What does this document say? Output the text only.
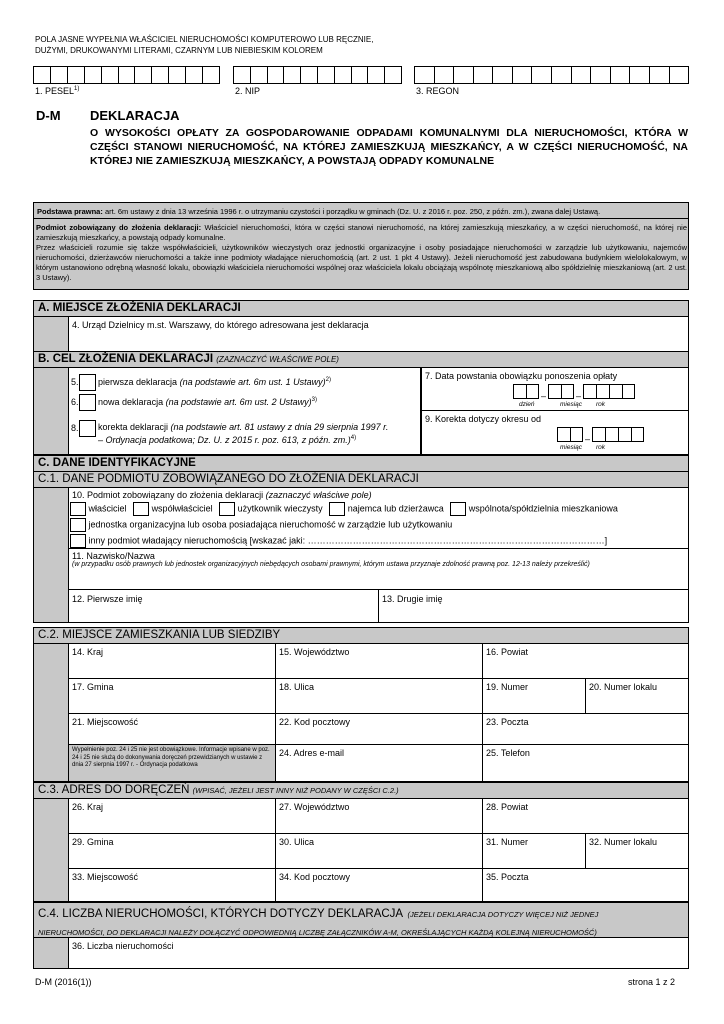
POLA JASNE WYPEŁNIA WŁAŚCICIEL NIERUCHOMOŚCI KOMPUTEROWO LUB RĘCZNIE,
DUŻYMI, DRUKOWANYMI LITERAMI, CZARNYM LUB NIEBIESKIM KOLOREM
1. PESEL$^{1)}$	2. NIP	3. REGON
D-M DEKLARACJA
O WYSOKOŚCI OPŁATY ZA GOSPODAROWANIE ODPADAMI KOMUNALNYMI DLA NIERUCHOMOŚCI, KTÓRA W CZĘŚCI STANOWI NIERUCHOMOŚĆ, NA KTÓREJ ZAMIESZKUJĄ MIESZKAŃCY, A W CZĘŚCI NIERUCHOMOŚĆ, NA KTÓREJ NIE ZAMIESZKUJĄ MIESZKAŃCY, A POWSTAJĄ ODPADY KOMUNALNE
Podstawa prawna: art. 6m ustawy z dnia 13 września 1996 r. o utrzymaniu czystości i porządku w gminach (Dz. U. z 2016 r. poz. 250, z późn. zm.), zwana dalej Ustawą.
Podmiot zobowiązany do złożenia deklaracji: Właściciel nieruchomości, która w części stanowi nieruchomość, na której zamieszkują mieszkańcy, a w części nieruchomość, na której nie zamieszkują mieszkańcy, a powstają odpady komunalne.
Przez właścicieli rozumie się także współwłaścicieli, użytkowników wieczystych oraz jednostki organizacyjne i osoby posiadające nieruchomości w zarządzie lub użytkowaniu, najemców nieruchomości, dzierżawców nieruchomości a także inne podmioty władające nieruchomością (art. 2 ust. 1 pkt 4 Ustawy). Jeżeli nieruchomość jest zabudowana budynkiem wielolokalowym, w którym ustanowiono odrębną własność lokalu, obowiązki właściciela nieruchomości wspólnej oraz właściciela lokalu obciążają wspólnotę mieszkaniową albo spółdzielnię mieszkaniową (art. 2 ust. 3 Ustawy).
A. MIEJSCE ZŁOŻENIA DEKLARACJI
4. Urząd Dzielnicy m.st. Warszawy, do którego adresowana jest deklaracja
B. CEL ZŁOŻENIA DEKLARACJI (ZAZNACZYĆ WŁAŚCIWE POLE)
5. pierwsza deklaracja (na podstawie art. 6m ust. 1 Ustawy)$^{2)}$
6. nowa deklaracja (na podstawie art. 6m ust. 2 Ustawy)$^{3)}$
8.	korekta deklaracji (na podstawie art. 81 ustawy z dnia 29 sierpnia 1997 r.
– Ordynacja podatkowa; Dz. U. z 2015 r. poz. 613, z późn. zm.)$^{4)}$
7. Data powstania obowiązku ponoszenia opłaty
–	–
dzień	miesiąc rok
9. Korekta dotyczy okresu od
–
miesiąc rok
C. DANE IDENTYFIKACYJNE
C.1. DANE PODMIOTU ZOBOWIĄZANEGO DO ZŁOŻENIA DEKLARACJI
10. Podmiot zobowiązany do złożenia deklaracji (zaznaczyć właściwe pole)
właściciel	współwłaściciel	użytkownik wieczysty	najemca lub dzierżawca	wspólnota/spółdzielnia mieszkaniowa
jednostka organizacyjna lub osoba posiadająca nieruchomość w zarządzie lub użytkowaniu
inny podmiot władający nieruchomością [wskazać jaki: ………………………………………………………………………………………]
11. Nazwisko/Nazwa
(w przypadku osób prawnych lub jednostek organizacyjnych niebędących osobami prawnymi, którym ustawa przyznaje zdolność prawną poz. 12-13 należy przekreślić)
12. Pierwsze imię	13. Drugie imię
C.2. MIEJSCE ZAMIESZKANIA LUB SIEDZIBY
14. Kraj	15. Województwo	16. Powiat
17. Gmina	18. Ulica	19. Numer	20. Numer lokalu
21. Miejscowość	22. Kod pocztowy	23. Poczta
Wypełnienie poz. 24 i 25 nie jest obowiązkowe. Informacje wpisane w poz. 24 i 25 nie służą do dokonywania doręczeń przewidzianych w ustawie z dnia 27 sierpnia 1997 r. - Ordynacja podatkowa
24. Adres e-mail	25. Telefon
C.3. ADRES DO DORĘCZEŃ (WPISAĆ, JEŻELI JEST INNY NIŻ PODANY W CZĘŚCI C.2.)
26. Kraj	27. Województwo	28. Powiat
29. Gmina	30. Ulica	31. Numer	32. Numer lokalu
33. Miejscowość	34. Kod pocztowy	35. Poczta
C.4. LICZBA NIERUCHOMOŚCI, KTÓRYCH DOTYCZY DEKLARACJA (JEŻELI DEKLARACJA DOTYCZY WIĘCEJ NIŻ JEDNEJ
NIERUCHOMOŚCI, DO DEKLARACJI NALEŻY DOŁĄCZYĆ ODPOWIEDNIĄ LICZBĘ ZAŁĄCZNIKÓW A-M, OKREŚLAJĄCYCH KAŻDĄ KOLEJNĄ NIERUCHOMOŚĆ)
36. Liczba nieruchomości
D-M (2016(1))	strona 1 z 2
